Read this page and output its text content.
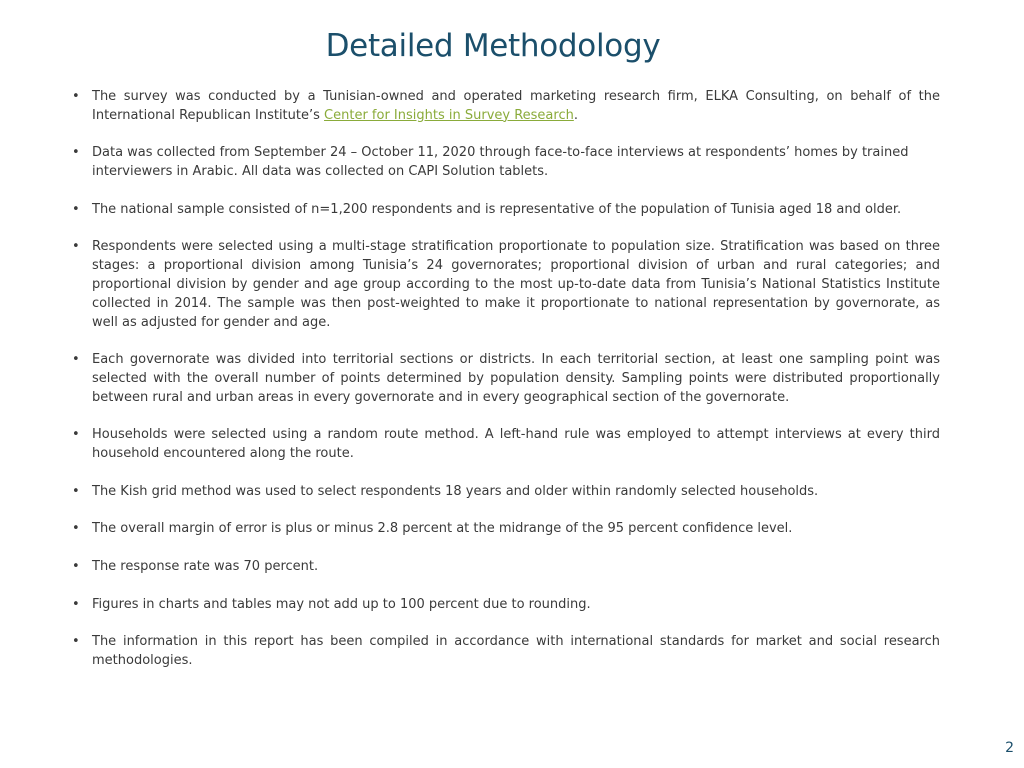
Detailed Methodology
• The survey was conducted by a Tunisian-owned and operated marketing research firm, ELKA Consulting, on behalf of the International Republican Institute’s Center for Insights in Survey Research.
• Data was collected from September 24 – October 11, 2020 through face-to-face interviews at respondents’ homes by trained interviewers in Arabic. All data was collected on CAPI Solution tablets.
• The national sample consisted of n=1,200 respondents and is representative of the population of Tunisia aged 18 and older.
• Respondents were selected using a multi-stage stratification proportionate to population size. Stratification was based on three stages: a proportional division among Tunisia’s 24 governorates; proportional division of urban and rural categories; and proportional division by gender and age group according to the most up-to-date data from Tunisia’s National Statistics Institute collected in 2014. The sample was then post-weighted to make it proportionate to national representation by governorate, as well as adjusted for gender and age.
• Each governorate was divided into territorial sections or districts. In each territorial section, at least one sampling point was selected with the overall number of points determined by population density. Sampling points were distributed proportionally between rural and urban areas in every governorate and in every geographical section of the governorate.
• Households were selected using a random route method. A left-hand rule was employed to attempt interviews at every third household encountered along the route.
• The Kish grid method was used to select respondents 18 years and older within randomly selected households.
• The overall margin of error is plus or minus 2.8 percent at the midrange of the 95 percent confidence level.
• The response rate was 70 percent.
• Figures in charts and tables may not add up to 100 percent due to rounding.
• The information in this report has been compiled in accordance with international standards for market and social research methodologies.
2
